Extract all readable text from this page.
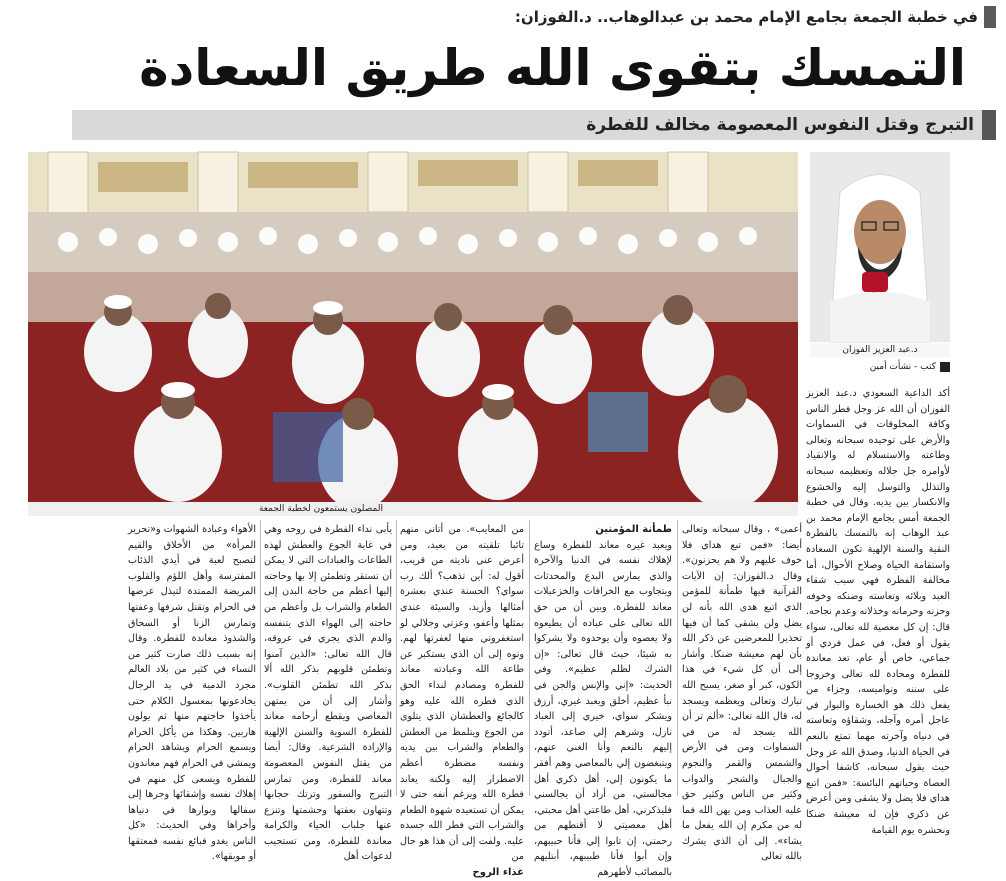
في خطبة الجمعة بجامع الإمام محمد بن عبدالوهاب.. د.الفوزان:
التمسك بتقوى الله طريق السعادة
التبرج وقتل النفوس المعصومة مخالف للفطرة
المصلون يستمعون لخطبة الجمعة
د.عبد العزيز الفوزان
كتب - نشأت أمين

أكد الداعية السعودي د.عبد العزيز الفوزان أن الله عز وجل فطر الناس وكافة المخلوقات في السماوات والأرض على توحيده سبحانه وتعالى وطاعته والاستسلام له والانقياد لأوامره جل جلاله وتعظيمه سبحانه والتذلل والتوسل إليه والخشوع والانكسار بين يديه. وقال في خطبة الجمعة أمس بجامع الإمام محمد بن عبد الوهاب إنه بالتمسك بالفطرة النقية والسنة الإلهية تكون السعادة واستقامة الحياة وصلاح الأحوال، أما مخالفة الفطرة فهي سبب شقاء العبد وبلائه وتعاسته وضنكه وخوفه وحزنه وحرمانه وخذلانه وعدم نجاحه. قال: إن كل معصية لله تعالى، سواء يقول أو فعل، في عمل فردي أو جماعي، خاص أو عام، تعد معاندة للفطرة ومحادة لله تعالى وخروجا على سننه ونواميسه، وجزاء من يفعل ذلك هو الخسارة والبوار في عاجل أمره وآجله، وشقاؤه وتعاسته في دنياه وآخرته مهما تمتع بالنعم في الحياة الدنيا، وصدق الله عز وجل حيث يقول سبحانه، كاشفا أحوال العصاة وحياتهم البائسة: «فمن اتبع هداي فلا يضل ولا يشقى ومن أعرض عن ذكري فإن له معيشة ضنكا ونحشره يوم القيامة

أعمى» ، وقال سبحانه وتعالى أيضا: «فمن تبع هداي فلا خوف عليهم ولا هم يحزنون». وقال د.الفوزان: إن الآيات القرآنية فيها طمأنة للمؤمن الذي اتبع هدى الله بأنه لن يضل ولن يشقى كما أن فيها تحذيرا للمعرضين عن ذكر الله بأن لهم معيشة ضنكا. وأشار إلى أن كل شيء في هذا الكون، كبر أو صغر، يسبح الله تبارك وتعالى ويعظمه ويسجد له، قال الله تعالى: «ألم تر أن الله يسجد له من في السماوات ومن في الأرض والشمس والقمر والنجوم والجبال والشجر والدواب وكثير من الناس وكثير حق عليه العذاب ومن يهن الله فما له من مكرم إن الله يفعل ما يشاء». إلى أن الذي يشرك بالله تعالى

طمأنة المؤمنين

ويعبد غيره معاند للفطرة وساع لإهلاك نفسه في الدنيا والآخرة والذي يمارس البدع والمحدثات ويتجاوب مع الخرافات والخزعبلات معاند للفطرة. وبين أن من حق الله تعالى على عباده أن يطيعوه ولا يعصوه وأن يوحدوه ولا يشركوا به شيئا، حيث قال تعالى: «إن الشرك لظلم عظيم». وفي الحديث: «إني والإنس والجن في نبأ عظيم، أخلق ويعبد غيري، أرزق ويشكر سواي، خيري إلى العباد نازل، وشرهم إلي صاعد، أتودد إليهم بالنعم وأنا الغني عنهم، ويتبغضون إلي بالمعاصي وهم أفقر ما يكونون إلي، أهل ذكري أهل مجالستي، من أراد أن يجالسني فليذكرني، أهل طاعتي أهل محبتي، أهل معصيتي لا أقنطهم من رحمتي، إن تابوا إلي فأنا حبيبهم، وإن أبوا فأنا طبيبهم، أبتليهم بالمصائب لأطهرهم

من المعايب». من أتاني منهم تائبا تلقيته من بعيد، ومن أعرض عني ناديته من قريب، أقول له: أين تذهب؟ ألك رب سواي؟ الحسنة عندي بعشرة أمثالها وأزيد، والسيئة عندي بمثلها وأعفو، وعزتي وجلالي لو استغفروني منها لغفرتها لهم. ونوه إلى أن الذي يستكبر عن طاعة الله وعبادته معاند للفطرة ومصادم لنداء الحق الذي فطره الله عليه وهو كالجائع والعطشان الذي يتلوى من الجوع ويتلمظ من العطش والطعام والشراب بين يديه ونفسه مضطرة أعظم الاضطرار إليه ولكنه يعاند فطرة الله ويرغم أنفه حتى لا يمكن أن تستعيده شهوة الطعام والشراب التي فطر الله جسده عليه. ولفت إلى أن هذا هو حال من

غذاء الروح

يأبى نداء الفطرة في روحه وهي في غاية الجوع والعطش لهذه الطاعات والعبادات التي لا يمكن أن تستقر وتطمئن إلا بها وحاجته إليها أعظم من حاجة البدن إلى الطعام والشراب بل وأعظم من حاجته إلى الهواء الذي يتنفسه والدم الذي يجري في عروقه، قال الله تعالى: «الذين آمنوا وتطمئن قلوبهم بذكر الله ألا بذكر الله تطمئن القلوب». وأشار إلى أن من يمتهن المعاصي ويقطع أرحامه معاند للفطرة السوية والسنن الإلهية والإرادة الشرعية. وقال: أيضا من يقتل النفوس المعصومة معاند للفطرة، ومن تمارس التبرج والسفور وترتك حجابها وتتهاون بعفتها وحشمتها وتنزع عنها جلباب الحياء والكرامة معاندة للفطرة، ومن تستجيب لدعوات أهل

الأهواء وعبادة الشهوات و«تحرير المرأة» من الأخلاق والقيم لتصبح لعبة في أيدي الذئاب المفترسة وأهل اللؤم والقلوب المريضة الممتدة لتيذل عرضها في الحرام وتقتل شرفها وعفتها وتمارس الزنا أو السحاق والشذوذ معاندة للفطرة. وقال إنه بسبب ذلك صارت كثير من النساء في كثير من بلاد العالم مجرد الدمية في يد الرجال يخادعونها بمعسول الكلام حتى يأخذوا حاجتهم منها ثم يولون هاربين. وهكذا من يأكل الحرام ويسمع الحرام ويشاهد الحرام ويمشي في الحرام فهم معاندون للفطرة ويسعى كل منهم في إهلاك نفسه وإشقائها وجرها إلى سفالها وبوارها في دنياها وأخراها وفي الحديث: «كل الناس يغدو فبائع نفسه فمعتقها أو موبقها».
